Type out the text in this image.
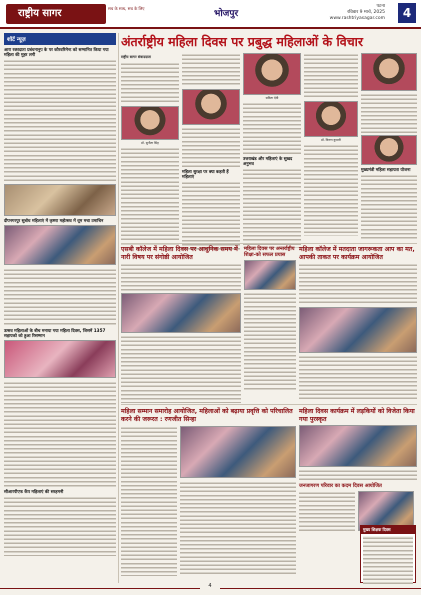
राष्ट्रीय सागर	सच के साथ, सच के लिए
भोजपुर
पटना
रविवार 9 मार्च, 2025
www.rashtriyasagar.com	4
शॉर्ट न्यूज़
आरा रक्तदाता प्रबंधनानुप के पर कौरवरिमेन्ट को सम्मानित किया गया महिला की मुहर लगी
दीपनगरपुर सुबोध महिलाएं में कृष्णा महोत्सव में धूम मचा उमाचिन
उत्सव महिलाओं के बीच मनाया गया महिला दिवस, जिसमें 1357 सहायको को हुआ रिसम्मान
सीआरपीएफ कैंप महिलाएं की सरहमनी
अंतर्राष्ट्रीय महिला दिवस पर प्रबुद्ध महिलाओं के विचार
राष्ट्रीय सागर संवाददाता
डॉ. सुनीता सिंह
महिला सुरक्षा पर क्या कहती हैं महिलाएं
सविता देवी
उत्तराखंड और महिलाएं के सुखद अनुभव
डॉ. किरण कुमारी
मुख्यमंत्री महिला सहायता योजना
एसबी कॉलेज में महिला दिवस पर आधुनिक समय में नारी विषय पर संगोष्ठी आयोजित
महिला दिवस पर अन्तर्राष्ट्रीय शिक्षा-को सफल प्रयास
महिला कॉलेज में मतदाता जागरूकता आप का मत, आपकी ताकत पर कार्यक्रम आयोजित
महिला सम्मान समारोह आयोजित, महिलाओं को बढ़ाया प्रवृत्ति को परिचालित करने की जरूरत : रणजीत सिन्हा
महिला दिवस कार्यक्रम में लड़कियों को विजेता किया गया पुरस्कृत
जनजागरण परिवार का कदम दिवस आयोजित
मुख्य शिक्षक दिवस
4
